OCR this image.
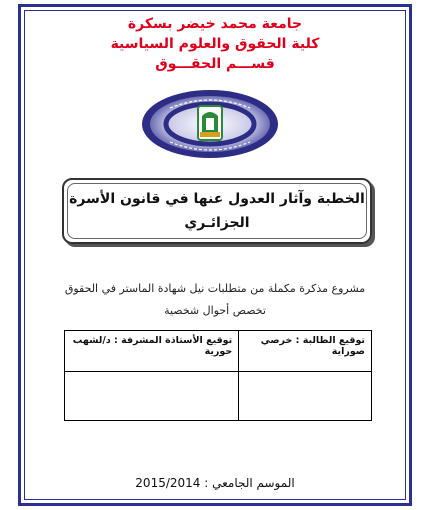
جامعة محمد خيضر بسكرة
كلية الحقوق والعلوم السياسية
قســـم الحقـــوق
الخطبة وآثار العدول عنها في قانون الأسرة
الجزائـري
مشروع مذكرة مكملة من متطلبات نيل شهادة الماستر في الحقوق
تخصص أحوال شخصية
توقيع الطالبة : خرصي صوراية	توقيع الأستاذة المشرفة : د/لشهب حورية

الموسم الجامعي : 2015/2014
